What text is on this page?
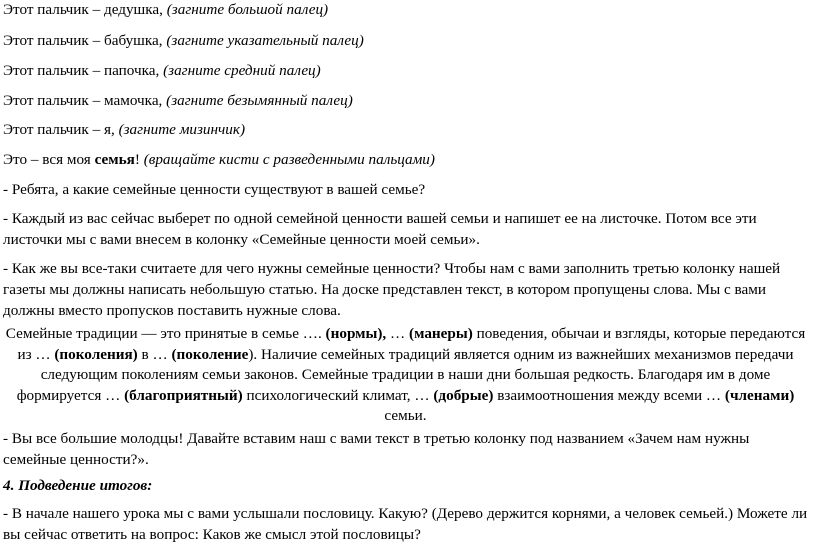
Этот пальчик – дедушка, (загните большой палец)
Этот пальчик – бабушка, (загните указательный палец)
Этот пальчик – папочка, (загните средний палец)
Этот пальчик – мамочка, (загните безымянный палец)
Этот пальчик – я, (загните мизинчик)
Это – вся моя семья! (вращайте кисти с разведенными пальцами)
- Ребята, а какие семейные ценности существуют в вашей семье?
- Каждый из вас сейчас выберет по одной семейной ценности вашей семьи и напишет ее на листочке. Потом все эти листочки мы с вами внесем в колонку «Семейные ценности моей семьи».
- Как же вы все-таки считаете для чего нужны семейные ценности? Чтобы нам с вами заполнить третью колонку нашей газеты мы должны написать небольшую статью. На доске представлен текст, в котором пропущены слова. Мы с вами должны вместо пропусков поставить нужные слова.
Семейные традиции — это принятые в семье …. (нормы), … (манеры) поведения, обычаи и взгляды, которые передаются из … (поколения) в … (поколение). Наличие семейных традиций является одним из важнейших механизмов передачи следующим поколениям семьи законов. Семейные традиции в наши дни большая редкость. Благодаря им в доме формируется … (благоприятный) психологический климат, … (добрые) взаимоотношения между всеми … (членами) семьи.
- Вы все большие молодцы! Давайте вставим наш с вами текст в третью колонку под названием «Зачем нам нужны семейные ценности?».
4. Подведение итогов:
- В начале нашего урока мы с вами услышали пословицу. Какую? (Дерево держится корнями, а человек семьей.) Можете ли вы сейчас ответить на вопрос: Каков же смысл этой пословицы?
